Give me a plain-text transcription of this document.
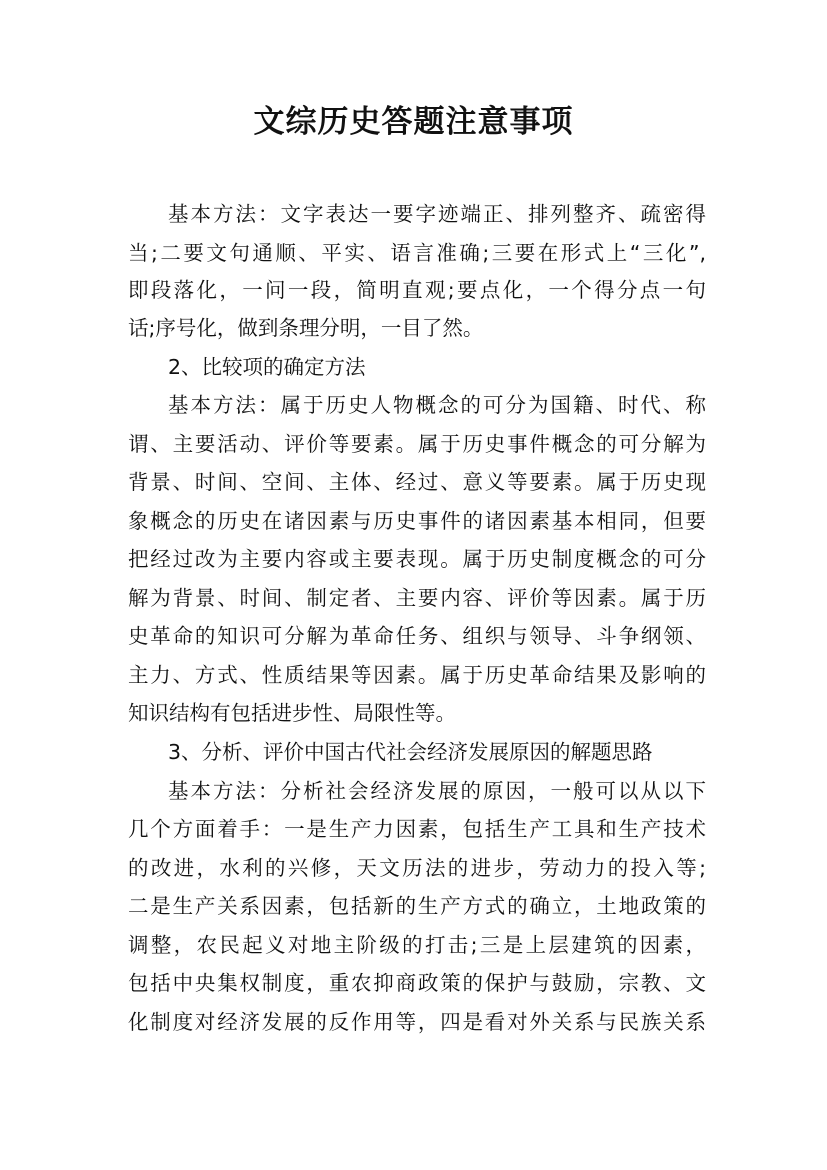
文综历史答题注意事项
基本方法：文字表达一要字迹端正、排列整齐、疏密得
当;二要文句通顺、平实、语言准确;三要在形式上“三化”,
即段落化，一问一段，简明直观;要点化，一个得分点一句
话;序号化，做到条理分明，一目了然。
2、比较项的确定方法
基本方法：属于历史人物概念的可分为国籍、时代、称
谓、主要活动、评价等要素。属于历史事件概念的可分解为
背景、时间、空间、主体、经过、意义等要素。属于历史现
象概念的历史在诸因素与历史事件的诸因素基本相同，但要
把经过改为主要内容或主要表现。属于历史制度概念的可分
解为背景、时间、制定者、主要内容、评价等因素。属于历
史革命的知识可分解为革命任务、组织与领导、斗争纲领、
主力、方式、性质结果等因素。属于历史革命结果及影响的
知识结构有包括进步性、局限性等。
3、分析、评价中国古代社会经济发展原因的解题思路
基本方法：分析社会经济发展的原因，一般可以从以下
几个方面着手：一是生产力因素，包括生产工具和生产技术
的改进，水利的兴修，天文历法的进步，劳动力的投入等;
二是生产关系因素，包括新的生产方式的确立，土地政策的
调整，农民起义对地主阶级的打击;三是上层建筑的因素，
包括中央集权制度，重农抑商政策的保护与鼓励，宗教、文
化制度对经济发展的反作用等，四是看对外关系与民族关系
